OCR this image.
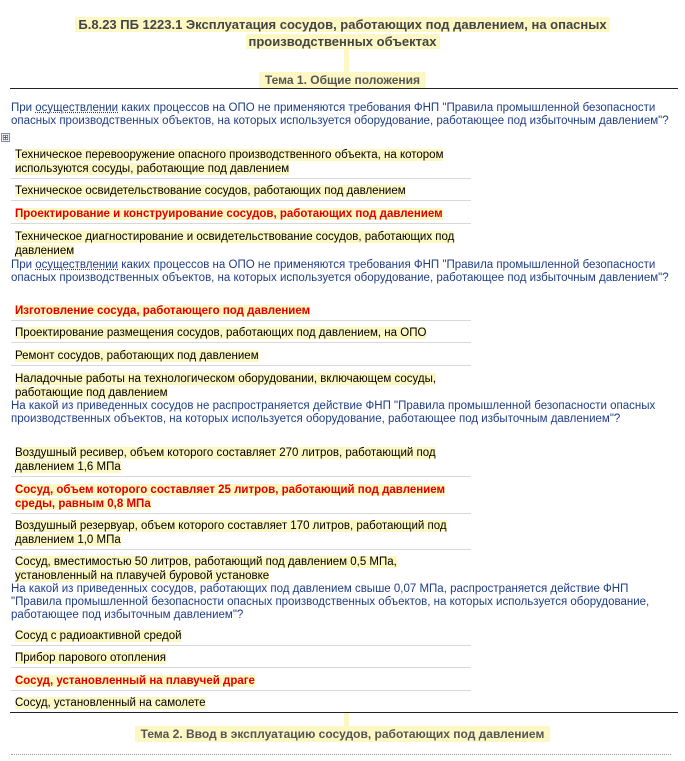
Б.8.23 ПБ 1223.1 Эксплуатация сосудов, работающих под давлением, на опасных
производственных объектах
Тема 1. Общие положения
При осуществлении каких процессов на ОПО не применяются требования ФНП "Правила промышленной безопасности опасных производственных объектов, на которых используется оборудование, работающее под избыточным давлением"?
⊞
Техническое перевооружение опасного производственного объекта, на котором используются сосуды, работающие под давлением
Техническое освидетельствование сосудов, работающих под давлением
Проектирование и конструирование сосудов, работающих под давлением
Техническое диагностирование и освидетельствование сосудов, работающих под давлением
При осуществлении каких процессов на ОПО не применяются требования ФНП "Правила промышленной безопасности опасных производственных объектов, на которых используется оборудование, работающее под избыточным давлением"?
Изготовление сосуда, работающего под давлением
Проектирование размещения сосудов, работающих под давлением, на ОПО
Ремонт сосудов, работающих под давлением
Наладочные работы на технологическом оборудовании, включающем сосуды, работающие под давлением
На какой из приведенных сосудов не распространяется действие ФНП "Правила промышленной безопасности опасных производственных объектов, на которых используется оборудование, работающее под избыточным давлением"?
Воздушный ресивер, объем которого составляет 270 литров, работающий под давлением 1,6 МПа
Сосуд, объем которого составляет 25 литров, работающий под давлением среды, равным 0,8 МПа
Воздушный резервуар, объем которого составляет 170 литров, работающий под давлением 1,0 МПа
Сосуд, вместимостью 50 литров, работающий под давлением 0,5 МПа, установленный на плавучей буровой установке
На какой из приведенных сосудов, работающих под давлением свыше 0,07 МПа, распространяется действие ФНП "Правила промышленной безопасности опасных производственных объектов, на которых используется оборудование, работающее под избыточным давлением"?
Сосуд с радиоактивной средой
Прибор парового отопления
Сосуд, установленный на плавучей драге
Сосуд, установленный на самолете
Тема 2. Ввод в эксплуатацию сосудов, работающих под давлением
